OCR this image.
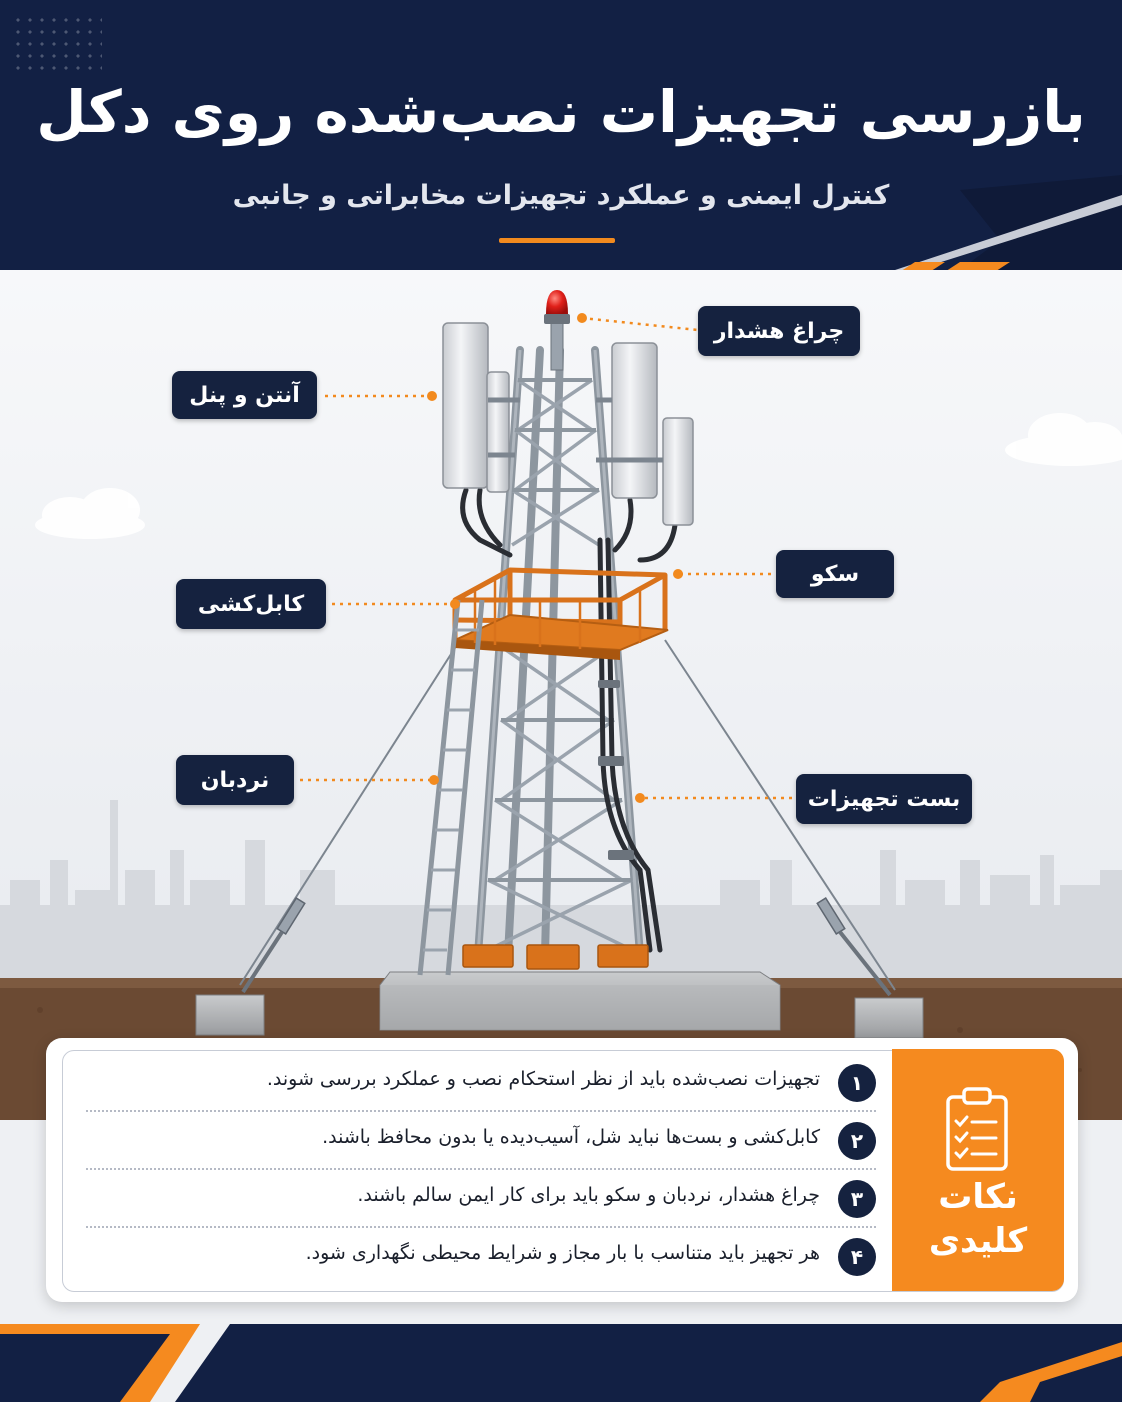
بازرسی تجهیزات نصب‌شده روی دکل
کنترل ایمنی و عملکرد تجهیزات مخابراتی و جانبی
چراغ هشدار
آنتن و پنل
سکو
کابل‌کشی
نردبان
بست تجهیزات
نکات
کلیدی
۱
تجهیزات نصب‌شده باید از نظر استحکام نصب و عملکرد بررسی شوند.
۲
کابل‌کشی و بست‌ها نباید شل، آسیب‌دیده یا بدون محافظ باشند.
۳
چراغ هشدار، نردبان و سکو باید برای کار ایمن سالم باشند.
۴
هر تجهیز باید متناسب با بار مجاز و شرایط محیطی نگهداری شود.
